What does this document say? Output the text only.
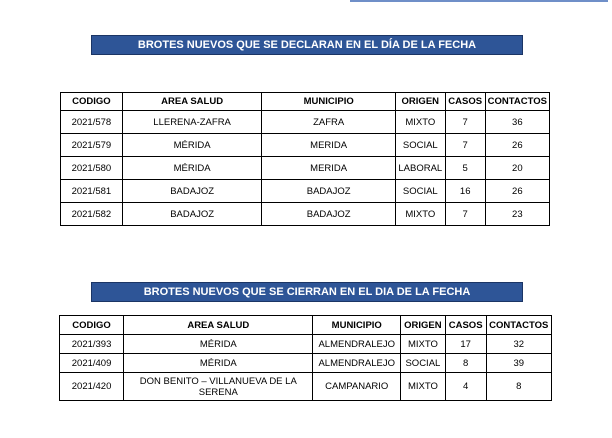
BROTES NUEVOS QUE SE DECLARAN EN EL DÍA DE LA FECHA
CODIGO	AREA SALUD	MUNICIPIO	ORIGEN	CASOS	CONTACTOS
2021/578	LLERENA-ZAFRA	ZAFRA	MIXTO	7	36
2021/579	MÉRIDA	MERIDA	SOCIAL	7	26
2021/580	MÉRIDA	MERIDA	LABORAL	5	20
2021/581	BADAJOZ	BADAJOZ	SOCIAL	16	26
2021/582	BADAJOZ	BADAJOZ	MIXTO	7	23
BROTES NUEVOS QUE SE CIERRAN EN EL DIA DE LA FECHA
CODIGO	AREA SALUD	MUNICIPIO	ORIGEN	CASOS	CONTACTOS
2021/393	MÉRIDA	ALMENDRALEJO	MIXTO	17	32
2021/409	MÉRIDA	ALMENDRALEJO	SOCIAL	8	39
2021/420	DON BENITO – VILLANUEVA DE LA SERENA	CAMPANARIO	MIXTO	4	8
